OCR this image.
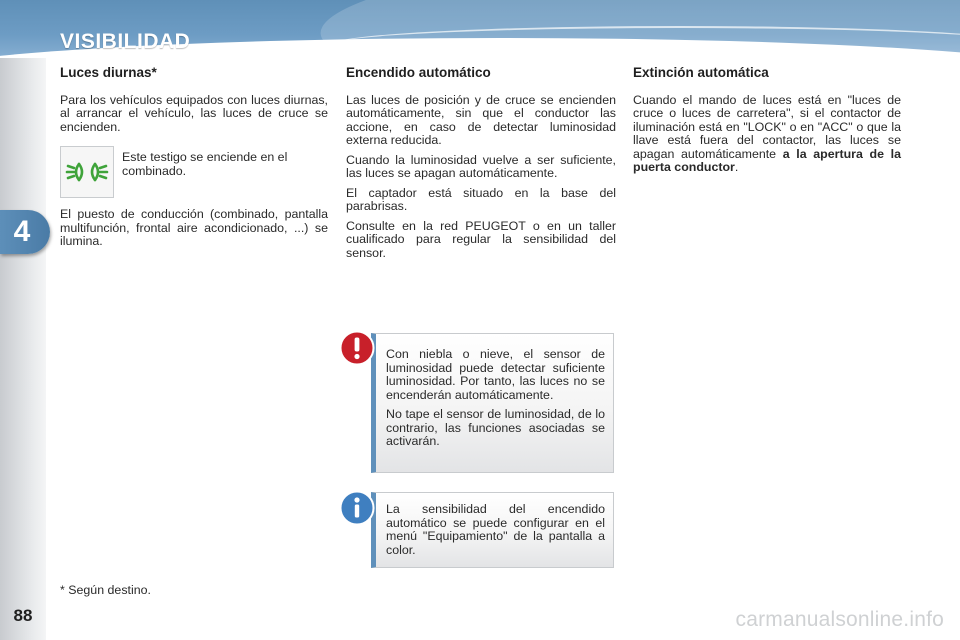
VISIBILIDAD
4
88
Luces diurnas*

Para los vehículos equipados con luces diurnas, al arrancar el vehículo, las luces de cruce se encienden.

Este testigo se enciende en el combinado.

El puesto de conducción (combinado, pantalla multifunción, frontal aire acondicionado, ...) se ilumina.

Encendido automático

Las luces de posición y de cruce se encienden automáticamente, sin que el conductor las accione, en caso de detectar luminosidad externa reducida.

Cuando la luminosidad vuelve a ser suficiente, las luces se apagan automáticamente.

El captador está situado en la base del parabrisas.

Consulte en la red PEUGEOT o en un taller cualificado para regular la sensibilidad del sensor.

Extinción automática

Cuando el mando de luces está en "luces de cruce o luces de carretera", si el contactor de iluminación está en "LOCK" o en "ACC" o que la llave está fuera del contactor, las luces se apagan automáticamente a la apertura de la puerta conductor.

Con niebla o nieve, el sensor de luminosidad puede detectar suficiente luminosidad. Por tanto, las luces no se encenderán automáticamente.

No tape el sensor de luminosidad, de lo contrario, las funciones asociadas se activarán.

La sensibilidad del encendido automático se puede configurar en el menú "Equipamiento" de la pantalla a color.

* Según destino.
carmanualsonline.info
